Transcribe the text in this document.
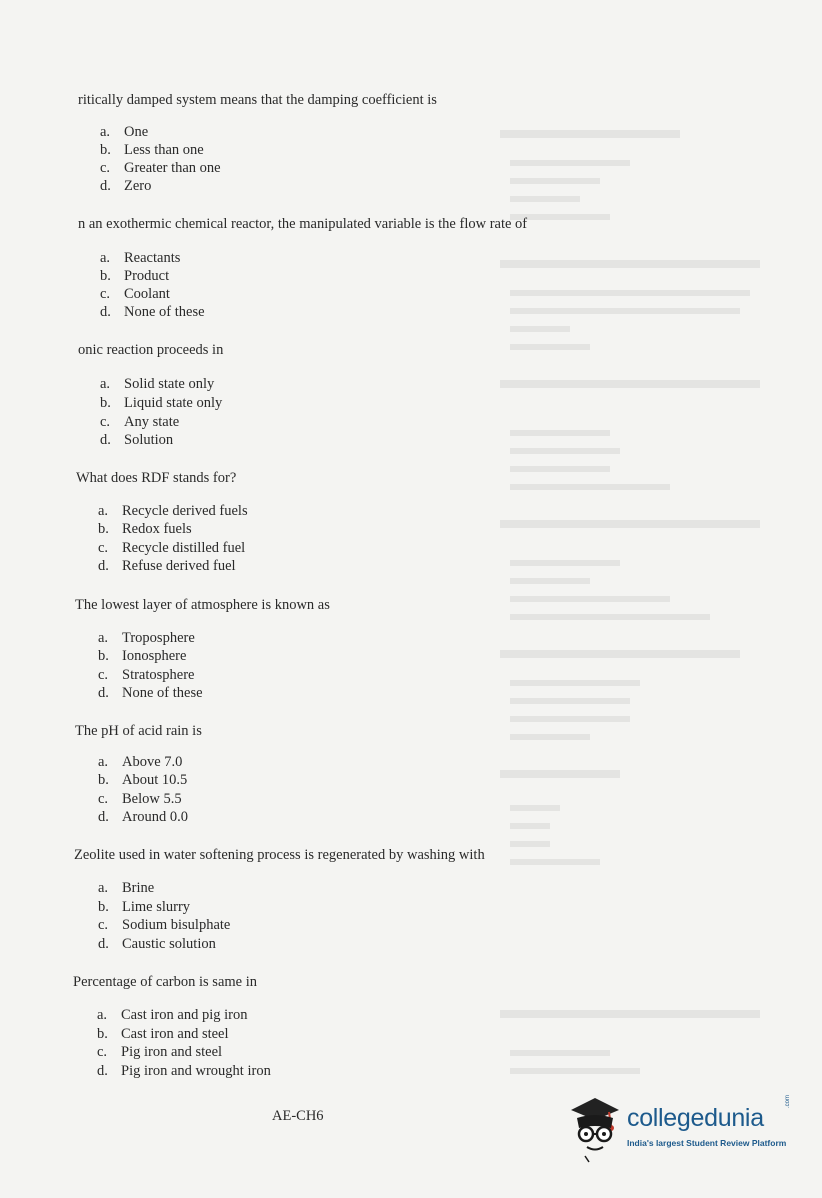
ritically damped system means that the damping coefficient is
a. One
b. Less than one
c. Greater than one
d. Zero
n an exothermic chemical reactor, the manipulated variable is the flow rate of
a. Reactants
b. Product
c. Coolant
d. None of these
onic reaction proceeds in
a. Solid state only
b. Liquid state only
c. Any state
d. Solution
What does RDF stands for?
a. Recycle derived fuels
b. Redox fuels
c. Recycle distilled fuel
d. Refuse derived fuel
The lowest layer of atmosphere is known as
a. Troposphere
b. Ionosphere
c. Stratosphere
d. None of these
The pH of acid rain is
a. Above 7.0
b. About 10.5
c. Below 5.5
d. Around 0.0
Zeolite used in water softening process is regenerated by washing with
a. Brine
b. Lime slurry
c. Sodium bisulphate
d. Caustic solution
Percentage of carbon is same in
a. Cast iron and pig iron
b. Cast iron and steel
c. Pig iron and steel
d. Pig iron and wrought iron
AE-CH6	collegedunia
.com
India's largest Student Review Platform
